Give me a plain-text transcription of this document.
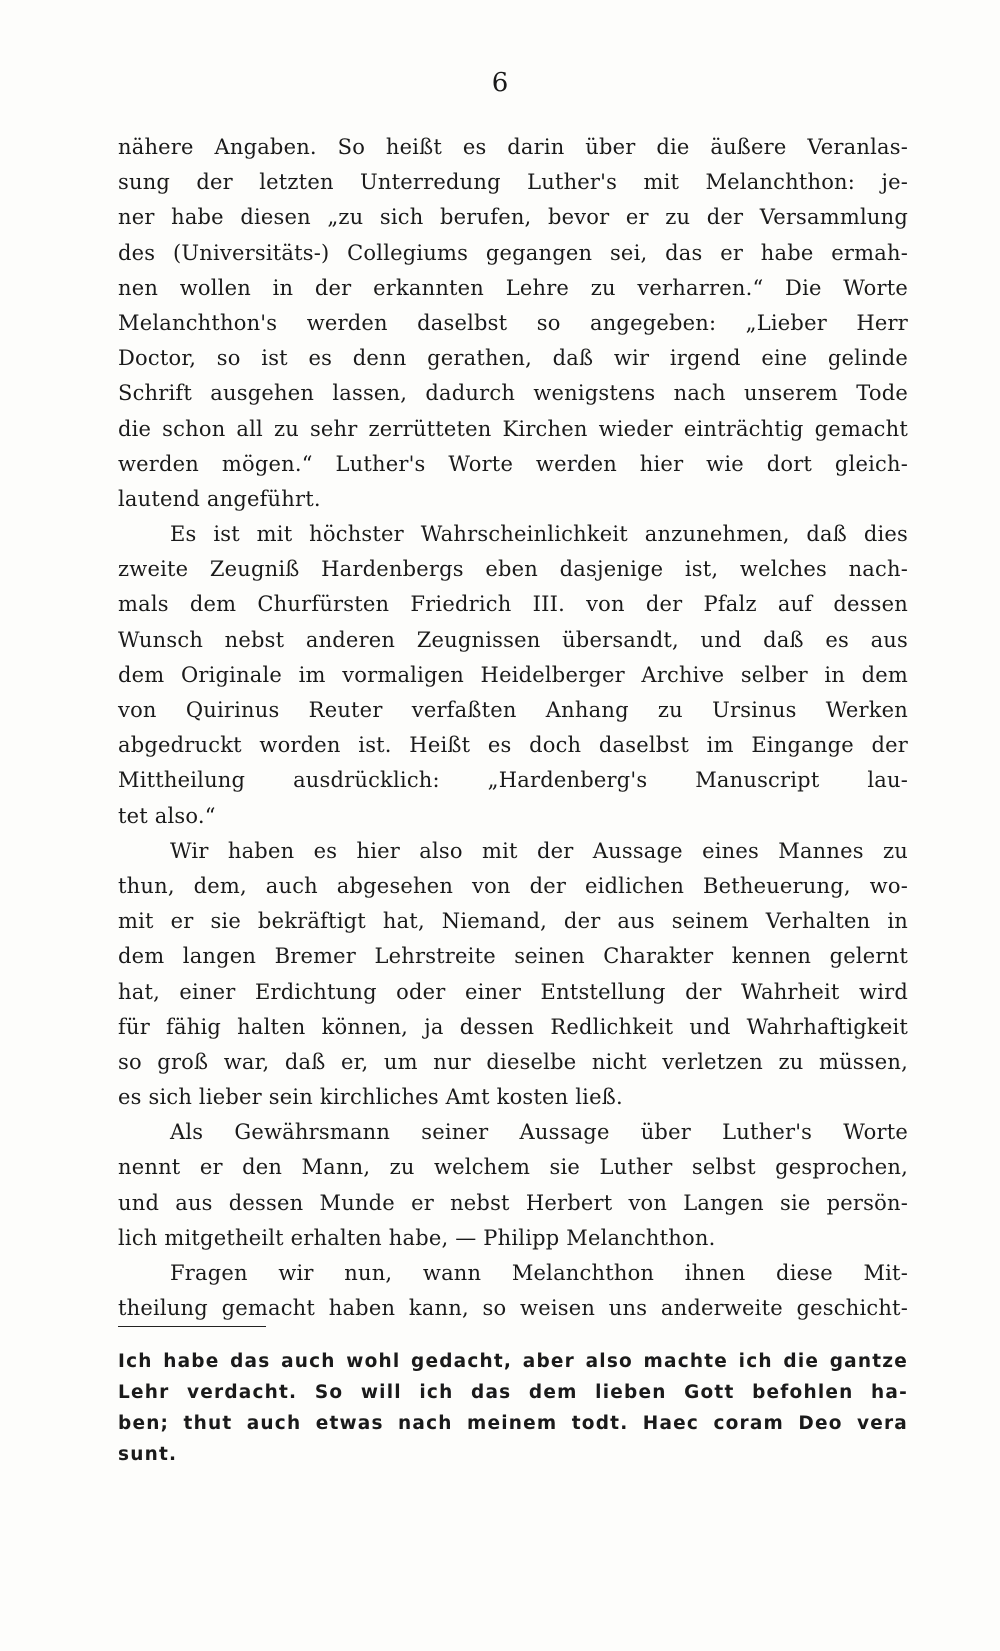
6
nähere Angaben. So heißt es darin über die äußere Veranlas-
sung der letzten Unterredung Luther's mit Melanchthon: je-
ner habe diesen „zu sich berufen, bevor er zu der Versammlung
des (Universitäts-) Collegiums gegangen sei, das er habe ermah-
nen wollen in der erkannten Lehre zu verharren.“ Die Worte
Melanchthon's werden daselbst so angegeben: „Lieber Herr
Doctor, so ist es denn gerathen, daß wir irgend eine gelinde
Schrift ausgehen lassen, dadurch wenigstens nach unserem Tode
die schon all zu sehr zerrütteten Kirchen wieder einträchtig gemacht
werden mögen.“ Luther's Worte werden hier wie dort gleich-
lautend angeführt.
Es ist mit höchster Wahrscheinlichkeit anzunehmen, daß dies
zweite Zeugniß Hardenbergs eben dasjenige ist, welches nach-
mals dem Churfürsten Friedrich III. von der Pfalz auf dessen
Wunsch nebst anderen Zeugnissen übersandt, und daß es aus
dem Originale im vormaligen Heidelberger Archive selber in dem
von Quirinus Reuter verfaßten Anhang zu Ursinus Werken
abgedruckt worden ist. Heißt es doch daselbst im Eingange der
Mittheilung ausdrücklich: „Hardenberg's Manuscript lau-
tet also.“
Wir haben es hier also mit der Aussage eines Mannes zu
thun, dem, auch abgesehen von der eidlichen Betheuerung, wo-
mit er sie bekräftigt hat, Niemand, der aus seinem Verhalten in
dem langen Bremer Lehrstreite seinen Charakter kennen gelernt
hat, einer Erdichtung oder einer Entstellung der Wahrheit wird
für fähig halten können, ja dessen Redlichkeit und Wahrhaftigkeit
so groß war, daß er, um nur dieselbe nicht verletzen zu müssen,
es sich lieber sein kirchliches Amt kosten ließ.
Als Gewährsmann seiner Aussage über Luther's Worte
nennt er den Mann, zu welchem sie Luther selbst gesprochen,
und aus dessen Munde er nebst Herbert von Langen sie persön-
lich mitgetheilt erhalten habe, — Philipp Melanchthon.
Fragen wir nun, wann Melanchthon ihnen diese Mit-
theilung gemacht haben kann, so weisen uns anderweite geschicht-
Ich habe das auch wohl gedacht, aber also machte ich die gantze
Lehr verdacht. So will ich das dem lieben Gott befohlen ha-
ben; thut auch etwas nach meinem todt. Haec coram Deo vera
sunt.
